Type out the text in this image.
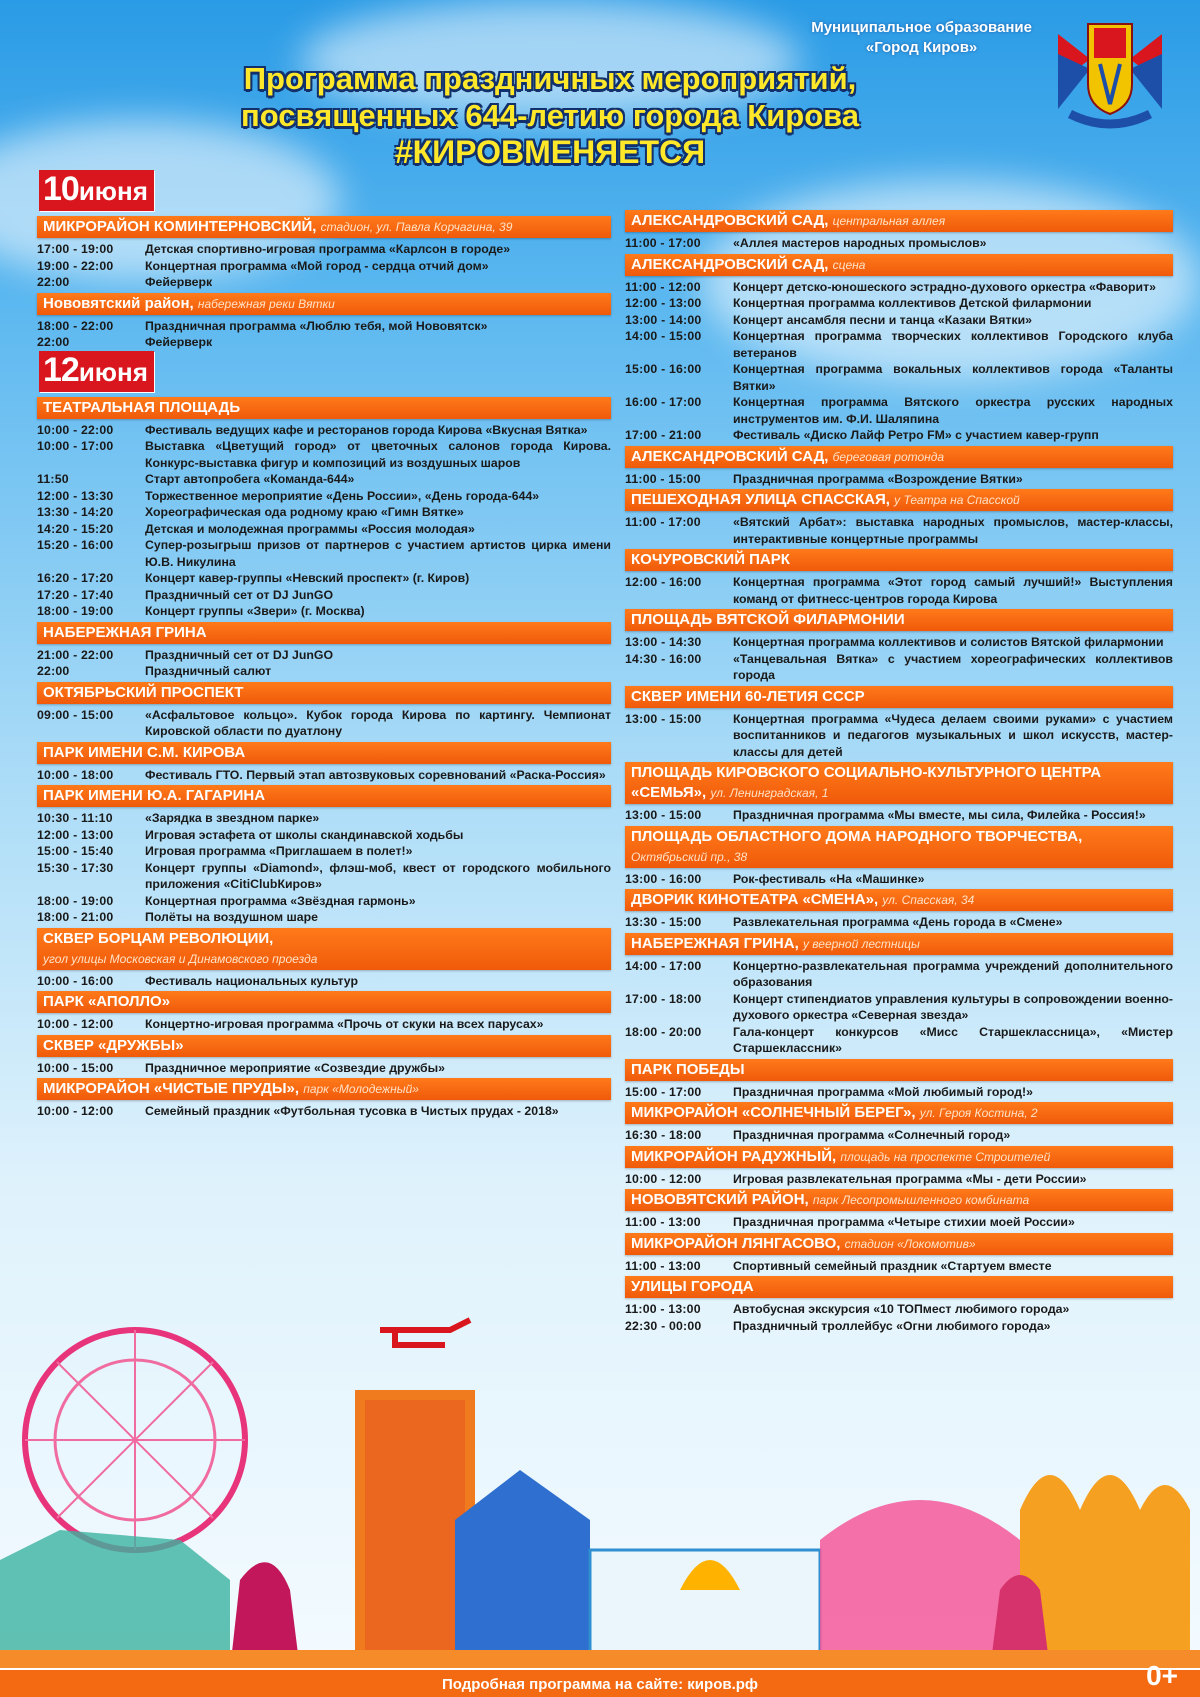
Муниципальное образование
«Город Киров»
Программа праздничных мероприятий,
посвященных 644-летию города Кирова
#КИРОВМЕНЯЕТСЯ
10июня

МИКРОРАЙОН КОМИНТЕРНОВСКИЙ, стадион, ул. Павла Корчагина, 39
17:00 - 19:00	Детская спортивно-игровая программа «Карлсон в городе»
19:00 - 22:00	Концертная программа «Мой город - сердца отчий дом»
22:00	Фейерверк
Нововятский район, набережная реки Вятки
18:00 - 22:00	Праздничная программа «Люблю тебя, мой Нововятск»
22:00	Фейерверк
12июня

ТЕАТРАЛЬНАЯ ПЛОЩАДЬ
10:00 - 22:00	Фестиваль ведущих кафе и ресторанов города Кирова «Вкусная Вятка»
10:00 - 17:00	Выставка «Цветущий город» от цветочных салонов города Кирова. Конкурс-выставка фигур и композиций из воздушных шаров
11:50	Старт автопробега «Команда-644»
12:00 - 13:30	Торжественное мероприятие «День России», «День города-644»
13:30 - 14:20	Хореографическая ода родному краю «Гимн Вятке»
14:20 - 15:20	Детская и молодежная программы «Россия молодая»
15:20 - 16:00	Супер-розыгрыш призов от партнеров с участием артистов цирка имени Ю.В. Никулина
16:20 - 17:20	Концерт кавер-группы «Невский проспект» (г. Киров)
17:20 - 17:40	Праздничный сет от DJ JunGO
18:00 - 19:00	Концерт группы «Звери» (г. Москва)
НАБЕРЕЖНАЯ ГРИНА
21:00 - 22:00	Праздничный сет от DJ JunGO
22:00	Праздничный салют
ОКТЯБРЬСКИЙ ПРОСПЕКТ
09:00 - 15:00	«Асфальтовое кольцо». Кубок города Кирова по картингу. Чемпионат Кировской области по дуатлону
ПАРК ИМЕНИ С.М. КИРОВА
10:00 - 18:00	Фестиваль ГТО. Первый этап автозвуковых соревнований «Раска-Россия»
ПАРК ИМЕНИ Ю.А. ГАГАРИНА
10:30 - 11:10	«Зарядка в звездном парке»
12:00 - 13:00	Игровая эстафета от школы скандинавской ходьбы
15:00 - 15:40	Игровая программа «Приглашаем в полет!»
15:30 - 17:30	Концерт группы «Diamond», флэш-моб, квест от городского мобильного приложения «CitiClubКиров»
18:00 - 19:00	Концертная программа «Звёздная гармонь»
18:00 - 21:00	Полёты на воздушном шаре
СКВЕР БОРЦАМ РЕВОЛЮЦИИ,
угол улицы Московская и Динамовского проезда
10:00 - 16:00	Фестиваль национальных культур
ПАРК «АПОЛЛО»
10:00 - 12:00	Концертно-игровая программа «Прочь от скуки на всех парусах»
СКВЕР «ДРУЖБЫ»
10:00 - 15:00	Праздничное мероприятие «Созвездие дружбы»
МИКРОРАЙОН «ЧИСТЫЕ ПРУДЫ», парк «Молодежный»
10:00 - 12:00	Семейный праздник «Футбольная тусовка в Чистых прудах - 2018»
АЛЕКСАНДРОВСКИЙ САД, центральная аллея
11:00 - 17:00	«Аллея мастеров народных промыслов»
АЛЕКСАНДРОВСКИЙ САД, сцена
11:00 - 12:00	Концерт детско-юношеского эстрадно-духового оркестра «Фаворит»
12:00 - 13:00	Концертная программа коллективов Детской филармонии
13:00 - 14:00	Концерт ансамбля песни и танца «Казаки Вятки»
14:00 - 15:00	Концертная программа творческих коллективов Городского клуба ветеранов
15:00 - 16:00	Концертная программа вокальных коллективов города «Таланты Вятки»
16:00 - 17:00	Концертная программа Вятского оркестра русских народных инструментов им. Ф.И. Шаляпина
17:00 - 21:00	Фестиваль «Диско Лайф Ретро FM» с участием кавер-групп
АЛЕКСАНДРОВСКИЙ САД, береговая ротонда
11:00 - 15:00	Праздничная программа «Возрождение Вятки»
ПЕШЕХОДНАЯ УЛИЦА СПАССКАЯ, у Театра на Спасской
11:00 - 17:00	«Вятский Арбат»: выставка народных промыслов, мастер-классы, интерактивные концертные программы
КОЧУРОВСКИЙ ПАРК
12:00 - 16:00	Концертная программа «Этот город самый лучший!» Выступления команд от фитнесс-центров города Кирова
ПЛОЩАДЬ ВЯТСКОЙ ФИЛАРМОНИИ
13:00 - 14:30	Концертная программа коллективов и солистов Вятской филармонии
14:30 - 16:00	«Танцевальная Вятка» с участием хореографических коллективов города
СКВЕР ИМЕНИ 60-ЛЕТИЯ СССР
13:00 - 15:00	Концертная программа «Чудеса делаем своими руками» с участием воспитанников и педагогов музыкальных и школ искусств, мастер-классы для детей
ПЛОЩАДЬ КИРОВСКОГО СОЦИАЛЬНО-КУЛЬТУРНОГО ЦЕНТРА «СЕМЬЯ», ул. Ленинградская, 1
13:00 - 15:00	Праздничная программа «Мы вместе, мы сила, Филейка - Россия!»
ПЛОЩАДЬ ОБЛАСТНОГО ДОМА НАРОДНОГО ТВОРЧЕСТВА,
Октябрьский пр., 38
13:00 - 16:00	Рок-фестиваль «На «Машинке»
ДВОРИК КИНОТЕАТРА «СМЕНА», ул. Спасская, 34
13:30 - 15:00	Развлекательная программа «День города в «Смене»
НАБЕРЕЖНАЯ ГРИНА, у веерной лестницы
14:00 - 17:00	Концертно-развлекательная программа учреждений дополнительного образования
17:00 - 18:00	Концерт стипендиатов управления культуры в сопровождении военно-духового оркестра «Северная звезда»
18:00 - 20:00	Гала-концерт конкурсов «Мисс Старшеклассница», «Мистер Старшеклассник»
ПАРК ПОБЕДЫ
15:00 - 17:00	Праздничная программа «Мой любимый город!»
МИКРОРАЙОН «СОЛНЕЧНЫЙ БЕРЕГ», ул. Героя Костина, 2
16:30 - 18:00	Праздничная программа «Солнечный город»
МИКРОРАЙОН РАДУЖНЫЙ, площадь на проспекте Строителей
10:00 - 12:00	Игровая развлекательная программа «Мы - дети России»
НОВОВЯТСКИЙ РАЙОН, парк Лесопромышленного комбината
11:00 - 13:00	Праздничная программа «Четыре стихии моей России»
МИКРОРАЙОН ЛЯНГАСОВО, стадион «Локомотив»
11:00 - 13:00	Спортивный семейный праздник «Стартуем вместе
УЛИЦЫ ГОРОДА
11:00 - 13:00	Автобусная экскурсия «10 ТОПмест любимого города»
22:30 - 00:00	Праздничный троллейбус «Огни любимого города»
Подробная программа на сайте: киров.рф	0+
